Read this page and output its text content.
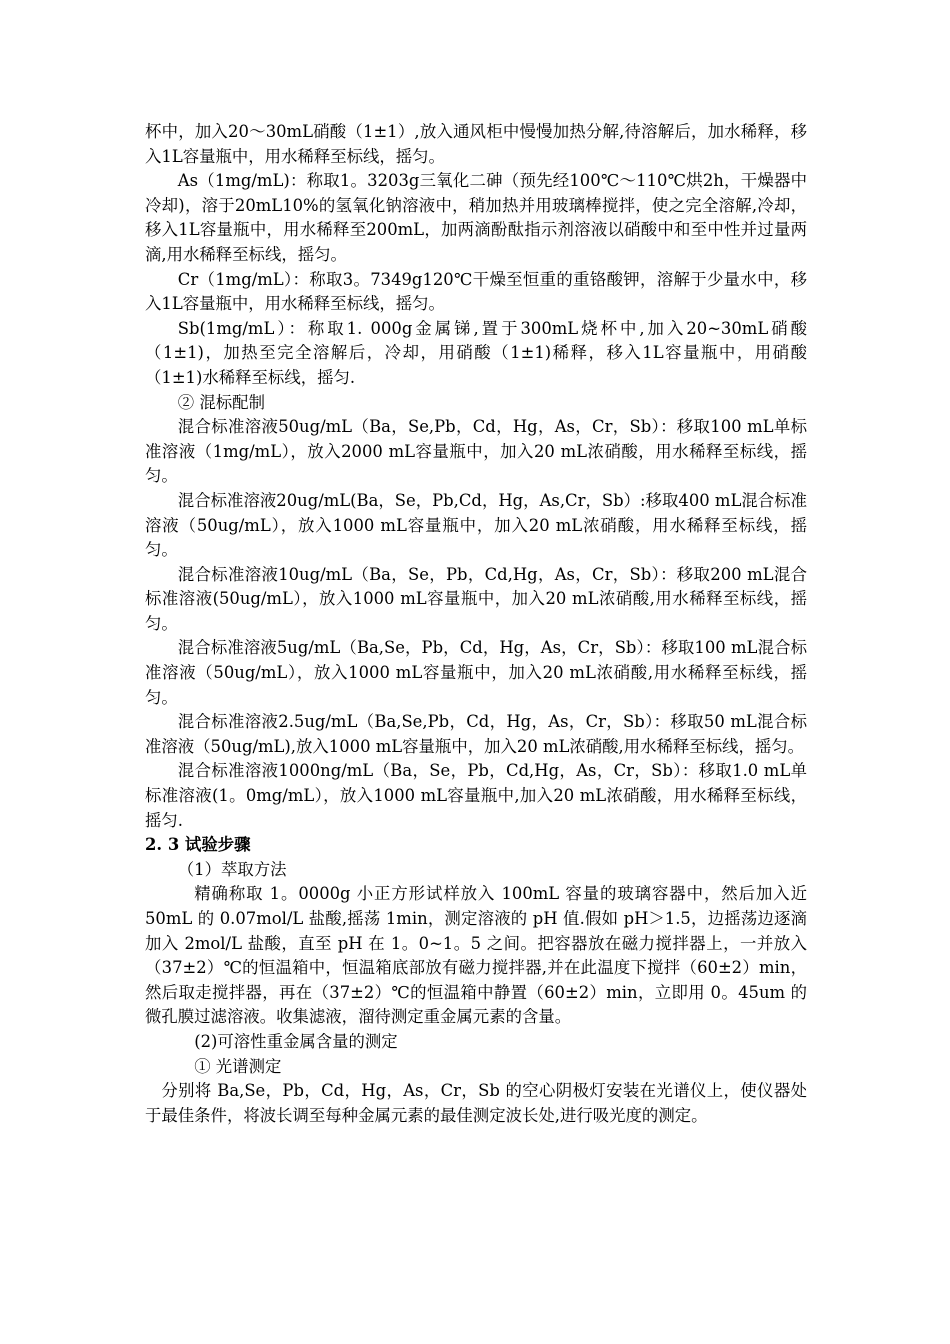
杯中，加入20～30mL硝酸（1±1）,放入通风柜中慢慢加热分解,待溶解后，加水稀释，移入1L容量瓶中，用水稀释至标线，摇匀。

As（1mg/mL)：称取1。3203g三氧化二砷（预先经100℃～110℃烘2h，干燥器中冷却)，溶于20mL10%的氢氧化钠溶液中，稍加热并用玻璃棒搅拌，使之完全溶解,冷却，移入1L容量瓶中，用水稀释至200mL，加两滴酚酞指示剂溶液以硝酸中和至中性并过量两滴,用水稀释至标线，摇匀。

Cr（1mg/mL）：称取3。7349g120℃干燥至恒重的重铬酸钾，溶解于少量水中，移入1L容量瓶中，用水稀释至标线，摇匀。

Sb(1mg/mL）：称取1. 000g金属锑,置于300mL烧杯中,加入20~30mL硝酸（1±1)，加热至完全溶解后，冷却，用硝酸（1±1)稀释，移入1L容量瓶中，用硝酸（1±1)水稀释至标线，摇匀.

② 混标配制

混合标准溶液50ug/mL（Ba，Se,Pb，Cd，Hg，As，Cr，Sb）：移取100 mL单标准溶液（1mg/mL），放入2000 mL容量瓶中，加入20 mL浓硝酸，用水稀释至标线，摇匀。

混合标准溶液20ug/mL(Ba，Se，Pb,Cd，Hg，As,Cr，Sb）:移取400 mL混合标准溶液（50ug/mL），放入1000 mL容量瓶中，加入20 mL浓硝酸，用水稀释至标线，摇匀。

混合标准溶液10ug/mL（Ba，Se，Pb，Cd,Hg，As，Cr，Sb）：移取200 mL混合标准溶液(50ug/mL），放入1000 mL容量瓶中，加入20 mL浓硝酸,用水稀释至标线，摇匀。

混合标准溶液5ug/mL（Ba,Se，Pb，Cd，Hg，As，Cr，Sb）：移取100 mL混合标准溶液（50ug/mL），放入1000 mL容量瓶中，加入20 mL浓硝酸,用水稀释至标线，摇匀。

混合标准溶液2.5ug/mL（Ba,Se,Pb，Cd，Hg，As，Cr，Sb）：移取50 mL混合标准溶液（50ug/mL),放入1000 mL容量瓶中，加入20 mL浓硝酸,用水稀释至标线，摇匀。

混合标准溶液1000ng/mL（Ba，Se，Pb，Cd,Hg，As，Cr，Sb）：移取1.0 mL单标准溶液(1。0mg/mL），放入1000 mL容量瓶中,加入20 mL浓硝酸，用水稀释至标线，摇匀.

2. 3 试验步骤

（1）萃取方法

精确称取 1。0000g 小正方形试样放入 100mL 容量的玻璃容器中，然后加入近 50mL 的 0.07mol/L 盐酸,摇荡 1min，测定溶液的 pH 值.假如 pH＞1.5，边摇荡边逐滴加入 2mol/L 盐酸，直至 pH 在 1。0~1。5 之间。把容器放在磁力搅拌器上，一并放入（37±2）℃的恒温箱中，恒温箱底部放有磁力搅拌器,并在此温度下搅拌（60±2）min，然后取走搅拌器，再在（37±2）℃的恒温箱中静置（60±2）min，立即用 0。45um 的微孔膜过滤溶液。收集滤液，溜待测定重金属元素的含量。

(2)可溶性重金属含量的测定

① 光谱测定

分别将 Ba,Se，Pb，Cd，Hg，As，Cr，Sb 的空心阴极灯安装在光谱仪上，使仪器处于最佳条件，将波长调至每种金属元素的最佳测定波长处,进行吸光度的测定。
